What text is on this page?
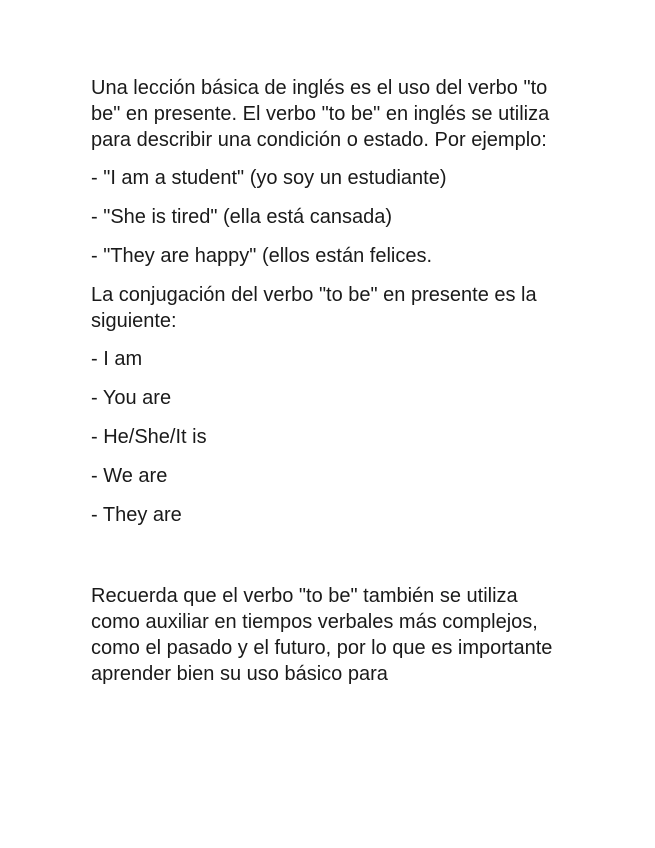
Una lección básica de inglés es el uso del verbo "to be" en presente. El verbo "to be" en inglés se utiliza para describir una condición o estado. Por ejemplo:

- "I am a student" (yo soy un estudiante)

- "She is tired" (ella está cansada)

- "They are happy" (ellos están felices.

La conjugación del verbo "to be" en presente es la siguiente:

- I am

- You are

- He/She/It is

- We are

- They are

Recuerda que el verbo "to be" también se utiliza como auxiliar en tiempos verbales más complejos, como el pasado y el futuro, por lo que es importante aprender bien su uso básico para
